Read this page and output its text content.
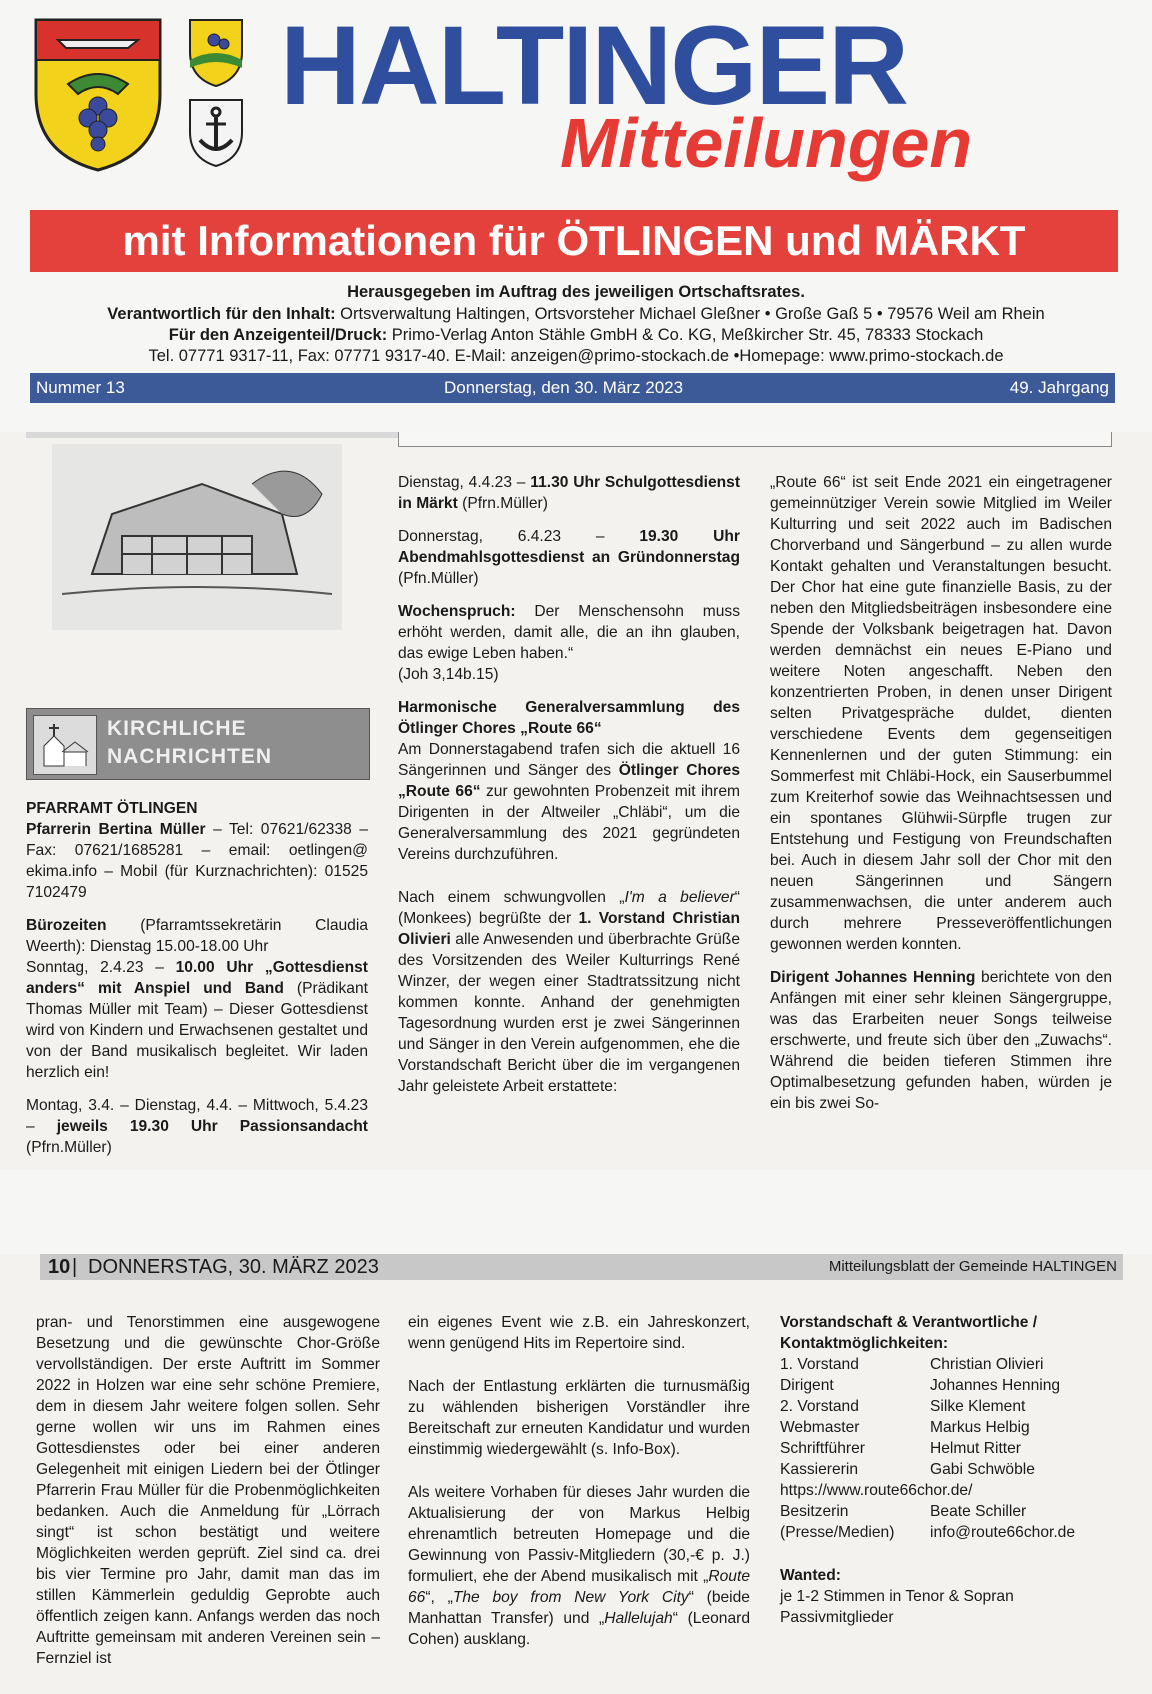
HALTINGER
Mitteilungen
mit Informationen für ÖTLINGEN und MÄRKT
Herausgegeben im Auftrag des jeweiligen Ortschaftsrates.
Verantwortlich für den Inhalt: Ortsverwaltung Haltingen, Ortsvorsteher Michael Gleßner • Große Gaß 5 • 79576 Weil am Rhein
Für den Anzeigenteil/Druck: Primo-Verlag Anton Stähle GmbH & Co. KG, Meßkircher Str. 45, 78333 Stockach
Tel. 07771 9317-11, Fax: 07771 9317-40. E-Mail: anzeigen@primo-stockach.de •Homepage: www.primo-stockach.de
Nummer 13	Donnerstag, den 30. März 2023	49. Jahrgang
KIRCHLICHE
NACHRICHTEN
PFARRAMT ÖTLINGEN

Pfarrerin Bertina Müller – Tel: 07621/62338 – Fax: 07621/1685281 – email: oetlingen@ ekima.info – Mobil (für Kurznachrichten): 01525 7102479

Bürozeiten (Pfarramtssekretärin Claudia Weerth): Dienstag 15.00-18.00 Uhr

Sonntag, 2.4.23 – 10.00 Uhr „Gottesdienst anders“ mit Anspiel und Band (Prädikant Thomas Müller mit Team) – Dieser Gottesdienst wird von Kindern und Erwachsenen gestaltet und von der Band musikalisch begleitet. Wir laden herzlich ein!

Montag, 3.4. – Dienstag, 4.4. – Mittwoch, 5.4.23 – jeweils 19.30 Uhr Passionsandacht (Pfrn.Müller)

Dienstag, 4.4.23 – 11.30 Uhr Schulgottesdienst in Märkt (Pfrn.Müller)

Donnerstag, 6.4.23 – 19.30 Uhr Abendmahlsgottesdienst an Gründonnerstag (Pfn.Müller)

Wochenspruch: Der Menschensohn muss erhöht werden, damit alle, die an ihn glauben, das ewige Leben haben.“
(Joh 3,14b.15)

Harmonische Generalversammlung des Ötlinger Chores „Route 66“

Am Donnerstagabend trafen sich die aktuell 16 Sängerinnen und Sänger des Ötlinger Chores „Route 66“ zur gewohnten Probenzeit mit ihrem Dirigenten in der Altweiler „Chläbi“, um die Generalversammlung des 2021 gegründeten Vereins durchzuführen.

Nach einem schwungvollen „I'm a believer“ (Monkees) begrüßte der 1. Vorstand Christian Olivieri alle Anwesenden und überbrachte Grüße des Vorsitzenden des Weiler Kulturrings René Winzer, der wegen einer Stadtratssitzung nicht kommen konnte. Anhand der genehmigten Tagesordnung wurden erst je zwei Sängerinnen und Sänger in den Verein aufgenommen, ehe die Vorstandschaft Bericht über die im vergangenen Jahr geleistete Arbeit erstattete:

„Route 66“ ist seit Ende 2021 ein eingetragener gemeinnütziger Verein sowie Mitglied im Weiler Kulturring und seit 2022 auch im Badischen Chorverband und Sängerbund – zu allen wurde Kontakt gehalten und Veranstaltungen besucht. Der Chor hat eine gute finanzielle Basis, zu der neben den Mitgliedsbeiträgen insbesondere eine Spende der Volksbank beigetragen hat. Davon werden demnächst ein neues E-Piano und weitere Noten angeschafft. Neben den konzentrierten Proben, in denen unser Dirigent selten Privatgespräche duldet, dienten verschiedene Events dem gegenseitigen Kennenlernen und der guten Stimmung: ein Sommerfest mit Chläbi-Hock, ein Sauserbummel zum Kreiterhof sowie das Weihnachtsessen und ein spontanes Glühwii-Sürpfle trugen zur Entstehung und Festigung von Freundschaften bei. Auch in diesem Jahr soll der Chor mit den neuen Sängerinnen und Sängern zusammenwachsen, die unter anderem auch durch mehrere Presseveröffentlichungen gewonnen werden konnten.

Dirigent Johannes Henning berichtete von den Anfängen mit einer sehr kleinen Sängergruppe, was das Erarbeiten neuer Songs teilweise erschwerte, und freute sich über den „Zuwachs“. Während die beiden tieferen Stimmen ihre Optimalbesetzung gefunden haben, würden je ein bis zwei So-

10 | DONNERSTAG, 30. MÄRZ 2023	Mitteilungsblatt der Gemeinde HALTINGEN

pran- und Tenorstimmen eine ausgewogene Besetzung und die gewünschte Chor-Größe vervollständigen. Der erste Auftritt im Sommer 2022 in Holzen war eine sehr schöne Premiere, dem in diesem Jahr weitere folgen sollen. Sehr gerne wollen wir uns im Rahmen eines Gottesdienstes oder bei einer anderen Gelegenheit mit einigen Liedern bei der Ötlinger Pfarrerin Frau Müller für die Probenmöglichkeiten bedanken. Auch die Anmeldung für „Lörrach singt“ ist schon bestätigt und weitere Möglichkeiten werden geprüft. Ziel sind ca. drei bis vier Termine pro Jahr, damit man das im stillen Kämmerlein geduldig Geprobte auch öffentlich zeigen kann. Anfangs werden das noch Auftritte gemeinsam mit anderen Vereinen sein – Fernziel ist

ein eigenes Event wie z.B. ein Jahreskonzert, wenn genügend Hits im Repertoire sind.

Nach der Entlastung erklärten die turnusmäßig zu wählenden bisherigen Vorständler ihre Bereitschaft zur erneuten Kandidatur und wurden einstimmig wiedergewählt (s. Info-Box).

Als weitere Vorhaben für dieses Jahr wurden die Aktualisierung der von Markus Helbig ehrenamtlich betreuten Homepage und die Gewinnung von Passiv-Mitgliedern (30,-€ p. J.) formuliert, ehe der Abend musikalisch mit „Route 66“, „The boy from New York City“ (beide Manhattan Transfer) und „Hallelujah“ (Leonard Cohen) ausklang.

Vorstandschaft & Verantwortliche / Kontaktmöglichkeiten:
1. Vorstand	Christian Olivieri
Dirigent	Johannes Henning
2. Vorstand	Silke Klement
Webmaster	Markus Helbig
Schriftführer	Helmut Ritter
Kassiererin	Gabi Schwöble
https://www.route66chor.de/
Besitzerin	Beate Schiller
(Presse/Medien)	info@route66chor.de
Wanted:
je 1-2 Stimmen in Tenor & Sopran
Passivmitglieder
